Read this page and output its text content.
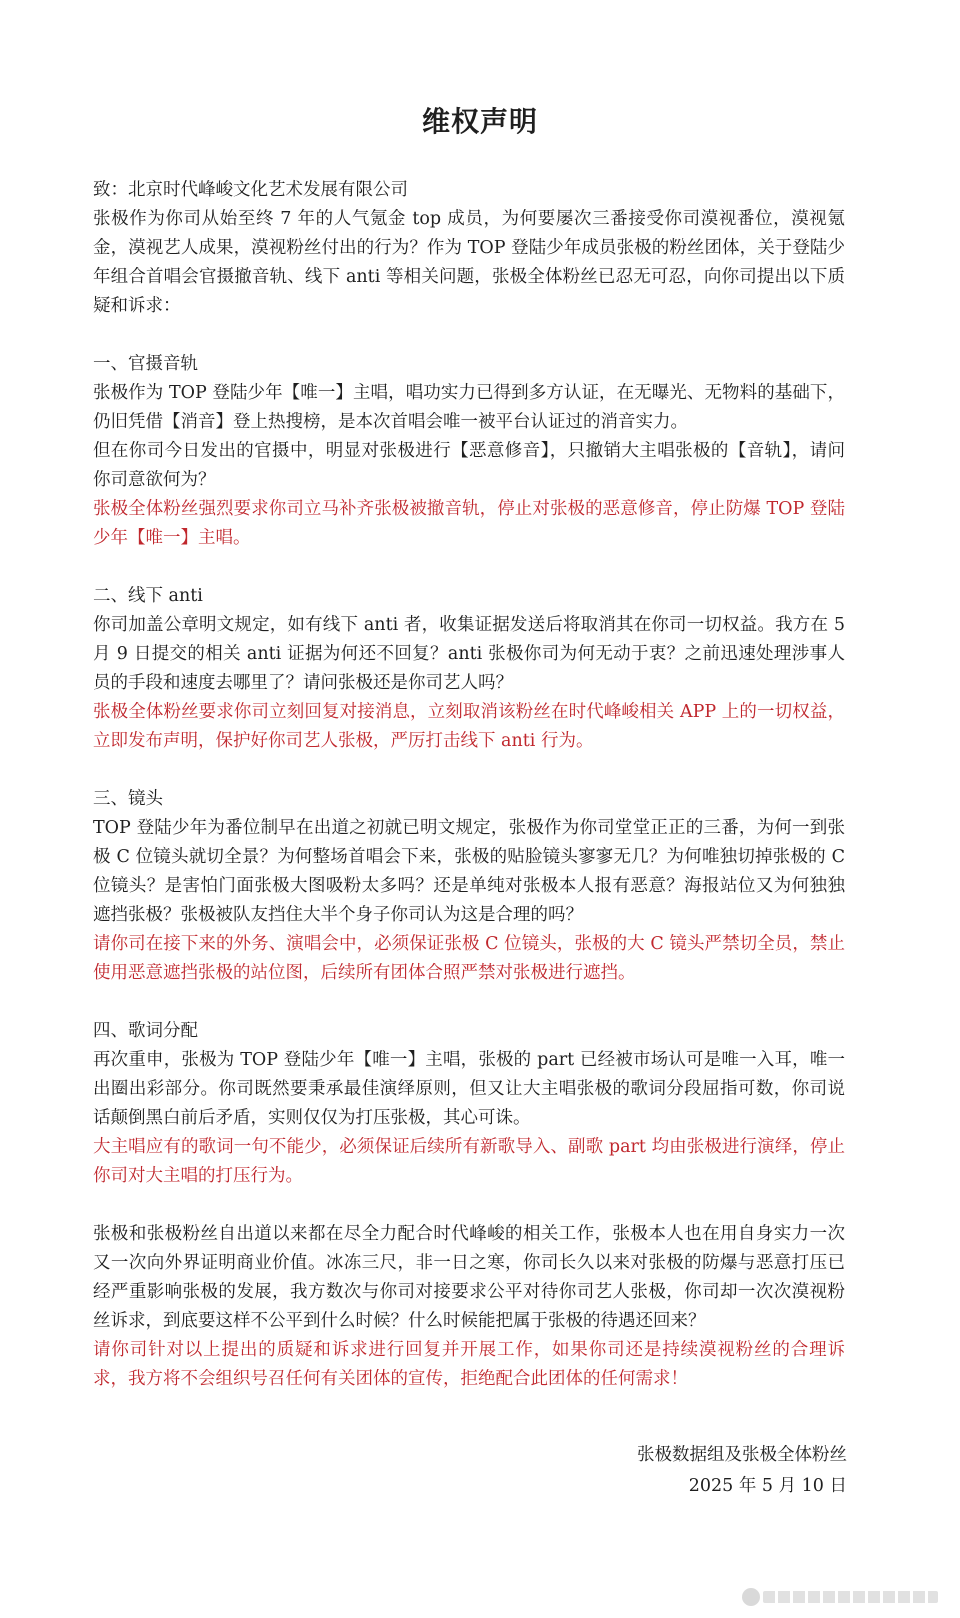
维权声明

致：北京时代峰峻文化艺术发展有限公司

张极作为你司从始至终 7 年的人气氪金 top 成员，为何要屡次三番接受你司漠视番位，漠视氪金，漠视艺人成果，漠视粉丝付出的行为？作为 TOP 登陆少年成员张极的粉丝团体，关于登陆少年组合首唱会官摄撤音轨、线下 anti 等相关问题，张极全体粉丝已忍无可忍，向你司提出以下质疑和诉求：

一、官摄音轨

张极作为 TOP 登陆少年【唯一】主唱，唱功实力已得到多方认证，在无曝光、无物料的基础下，仍旧凭借【消音】登上热搜榜，是本次首唱会唯一被平台认证过的消音实力。

但在你司今日发出的官摄中，明显对张极进行【恶意修音】，只撤销大主唱张极的【音轨】，请问你司意欲何为？

张极全体粉丝强烈要求你司立马补齐张极被撤音轨，停止对张极的恶意修音，停止防爆 TOP 登陆少年【唯一】主唱。

二、线下 anti

你司加盖公章明文规定，如有线下 anti 者，收集证据发送后将取消其在你司一切权益。我方在 5 月 9 日提交的相关 anti 证据为何还不回复？anti 张极你司为何无动于衷？之前迅速处理涉事人员的手段和速度去哪里了？请问张极还是你司艺人吗？

张极全体粉丝要求你司立刻回复对接消息，立刻取消该粉丝在时代峰峻相关 APP 上的一切权益，立即发布声明，保护好你司艺人张极，严厉打击线下 anti 行为。

三、镜头

TOP 登陆少年为番位制早在出道之初就已明文规定，张极作为你司堂堂正正的三番，为何一到张极 C 位镜头就切全景？为何整场首唱会下来，张极的贴脸镜头寥寥无几？为何唯独切掉张极的 C 位镜头？是害怕门面张极大图吸粉太多吗？还是单纯对张极本人报有恶意？海报站位又为何独独遮挡张极？张极被队友挡住大半个身子你司认为这是合理的吗？

请你司在接下来的外务、演唱会中，必须保证张极 C 位镜头，张极的大 C 镜头严禁切全员，禁止使用恶意遮挡张极的站位图，后续所有团体合照严禁对张极进行遮挡。

四、歌词分配

再次重申，张极为 TOP 登陆少年【唯一】主唱，张极的 part 已经被市场认可是唯一入耳，唯一出圈出彩部分。你司既然要秉承最佳演绎原则，但又让大主唱张极的歌词分段屈指可数，你司说话颠倒黑白前后矛盾，实则仅仅为打压张极，其心可诛。

大主唱应有的歌词一句不能少，必须保证后续所有新歌导入、副歌 part 均由张极进行演绎，停止你司对大主唱的打压行为。

张极和张极粉丝自出道以来都在尽全力配合时代峰峻的相关工作，张极本人也在用自身实力一次又一次向外界证明商业价值。冰冻三尺，非一日之寒，你司长久以来对张极的防爆与恶意打压已经严重影响张极的发展，我方数次与你司对接要求公平对待你司艺人张极，你司却一次次漠视粉丝诉求，到底要这样不公平到什么时候？什么时候能把属于张极的待遇还回来？

请你司针对以上提出的质疑和诉求进行回复并开展工作，如果你司还是持续漠视粉丝的合理诉求，我方将不会组织号召任何有关团体的宣传，拒绝配合此团体的任何需求！

张极数据组及张极全体粉丝
2025 年 5 月 10 日
